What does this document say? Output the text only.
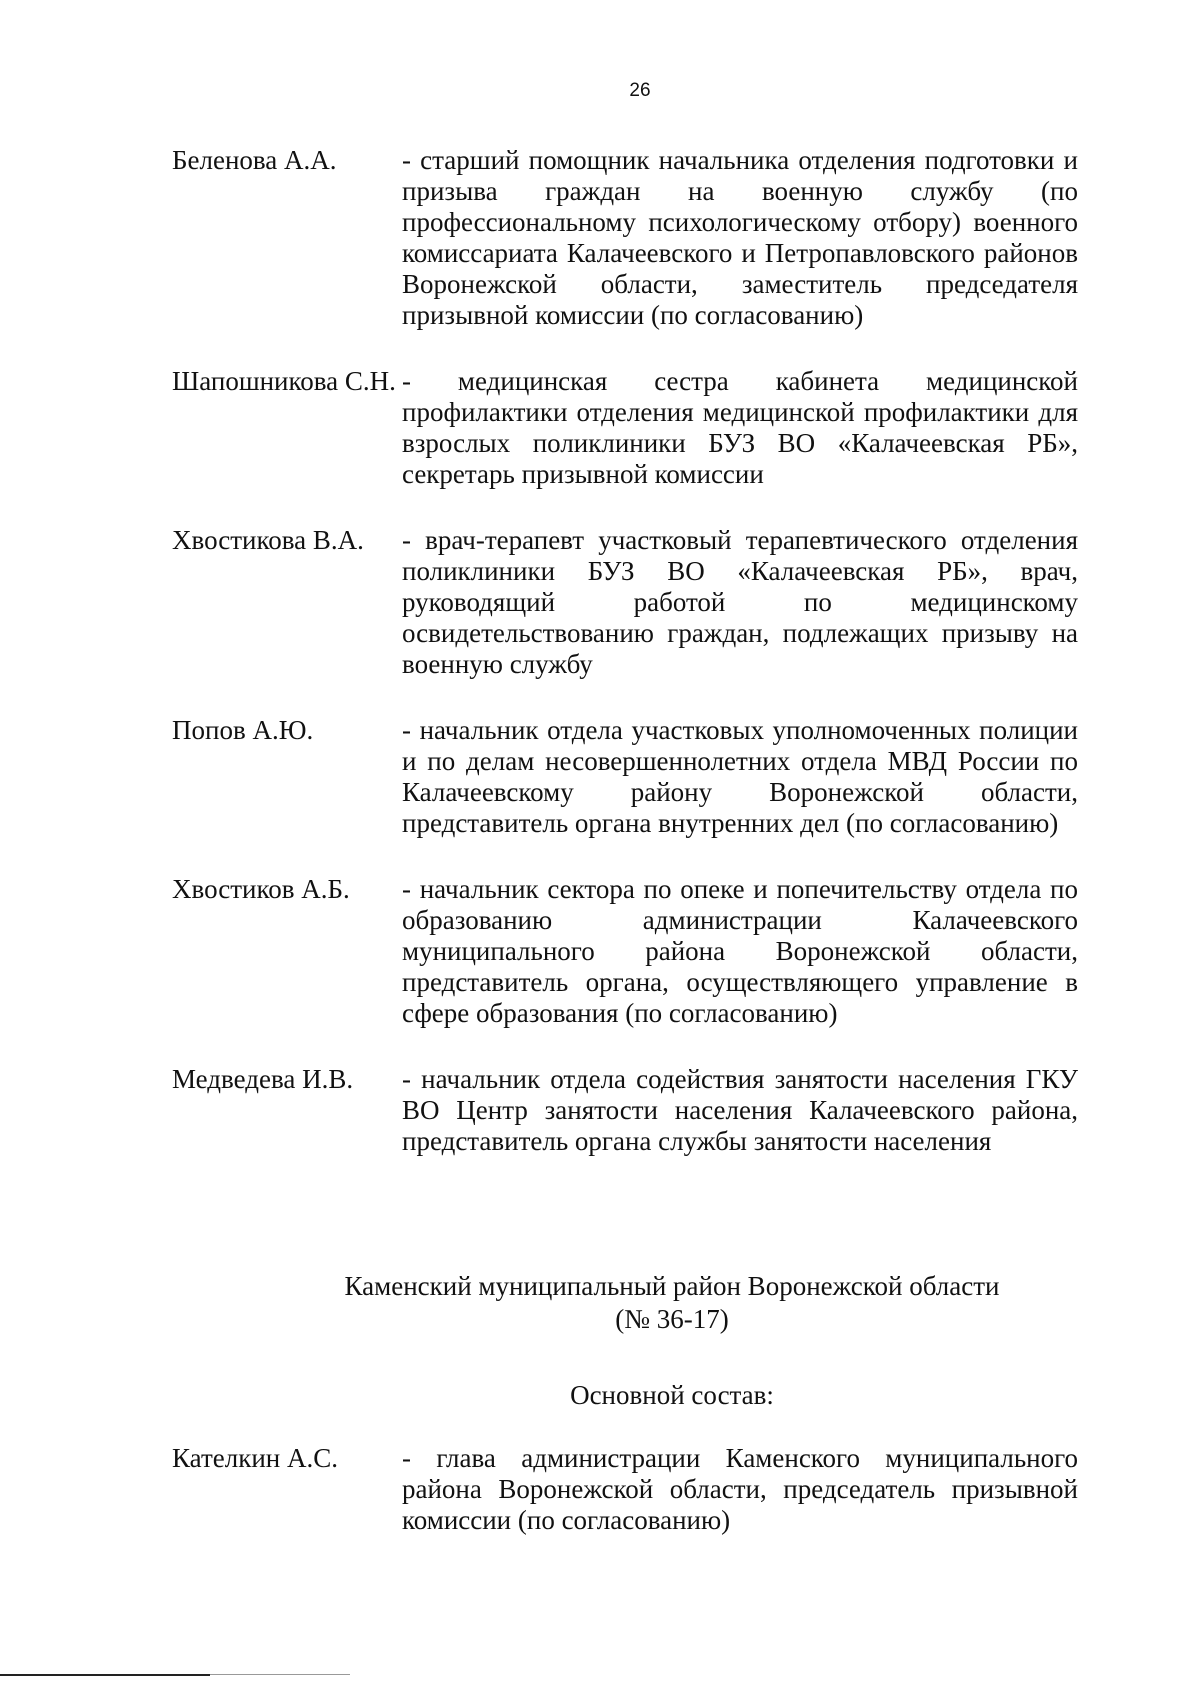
26
Беленова А.А.	- старший помощник начальника отделения подготовки и призыва граждан на военную службу (по профессиональному психологическому отбору) военного комиссариата Калачеевского и Петропавловского районов Воронежской области, заместитель председателя призывной комиссии (по согласованию)
Шапошникова С.Н. - медицинская сестра кабинета медицинской профилактики отделения медицинской профилактики для взрослых поликлиники БУЗ ВО «Калачеевская РБ», секретарь призывной комиссии
Хвостикова В.А.	- врач-терапевт участковый терапевтического отделения поликлиники БУЗ ВО «Калачеевская РБ», врач, руководящий работой по медицинскому освидетельствованию граждан, подлежащих призыву на военную службу
Попов А.Ю.	- начальник отдела участковых уполномоченных полиции и по делам несовершеннолетних отдела МВД России по Калачеевскому району Воронежской области, представитель органа внутренних дел (по согласованию)
Хвостиков А.Б.	- начальник сектора по опеке и попечительству отдела по образованию администрации Калачеевского муниципального района Воронежской области, представитель органа, осуществляющего управление в сфере образования (по согласованию)
Медведева И.В.	- начальник отдела содействия занятости населения ГКУ ВО Центр занятости населения Калачеевского района, представитель органа службы занятости населения
Каменский муниципальный район Воронежской области
(№ 36-17)
Основной состав:
Кателкин А.С.	- глава администрации Каменского муниципального района Воронежской области, председатель призывной комиссии (по согласованию)
